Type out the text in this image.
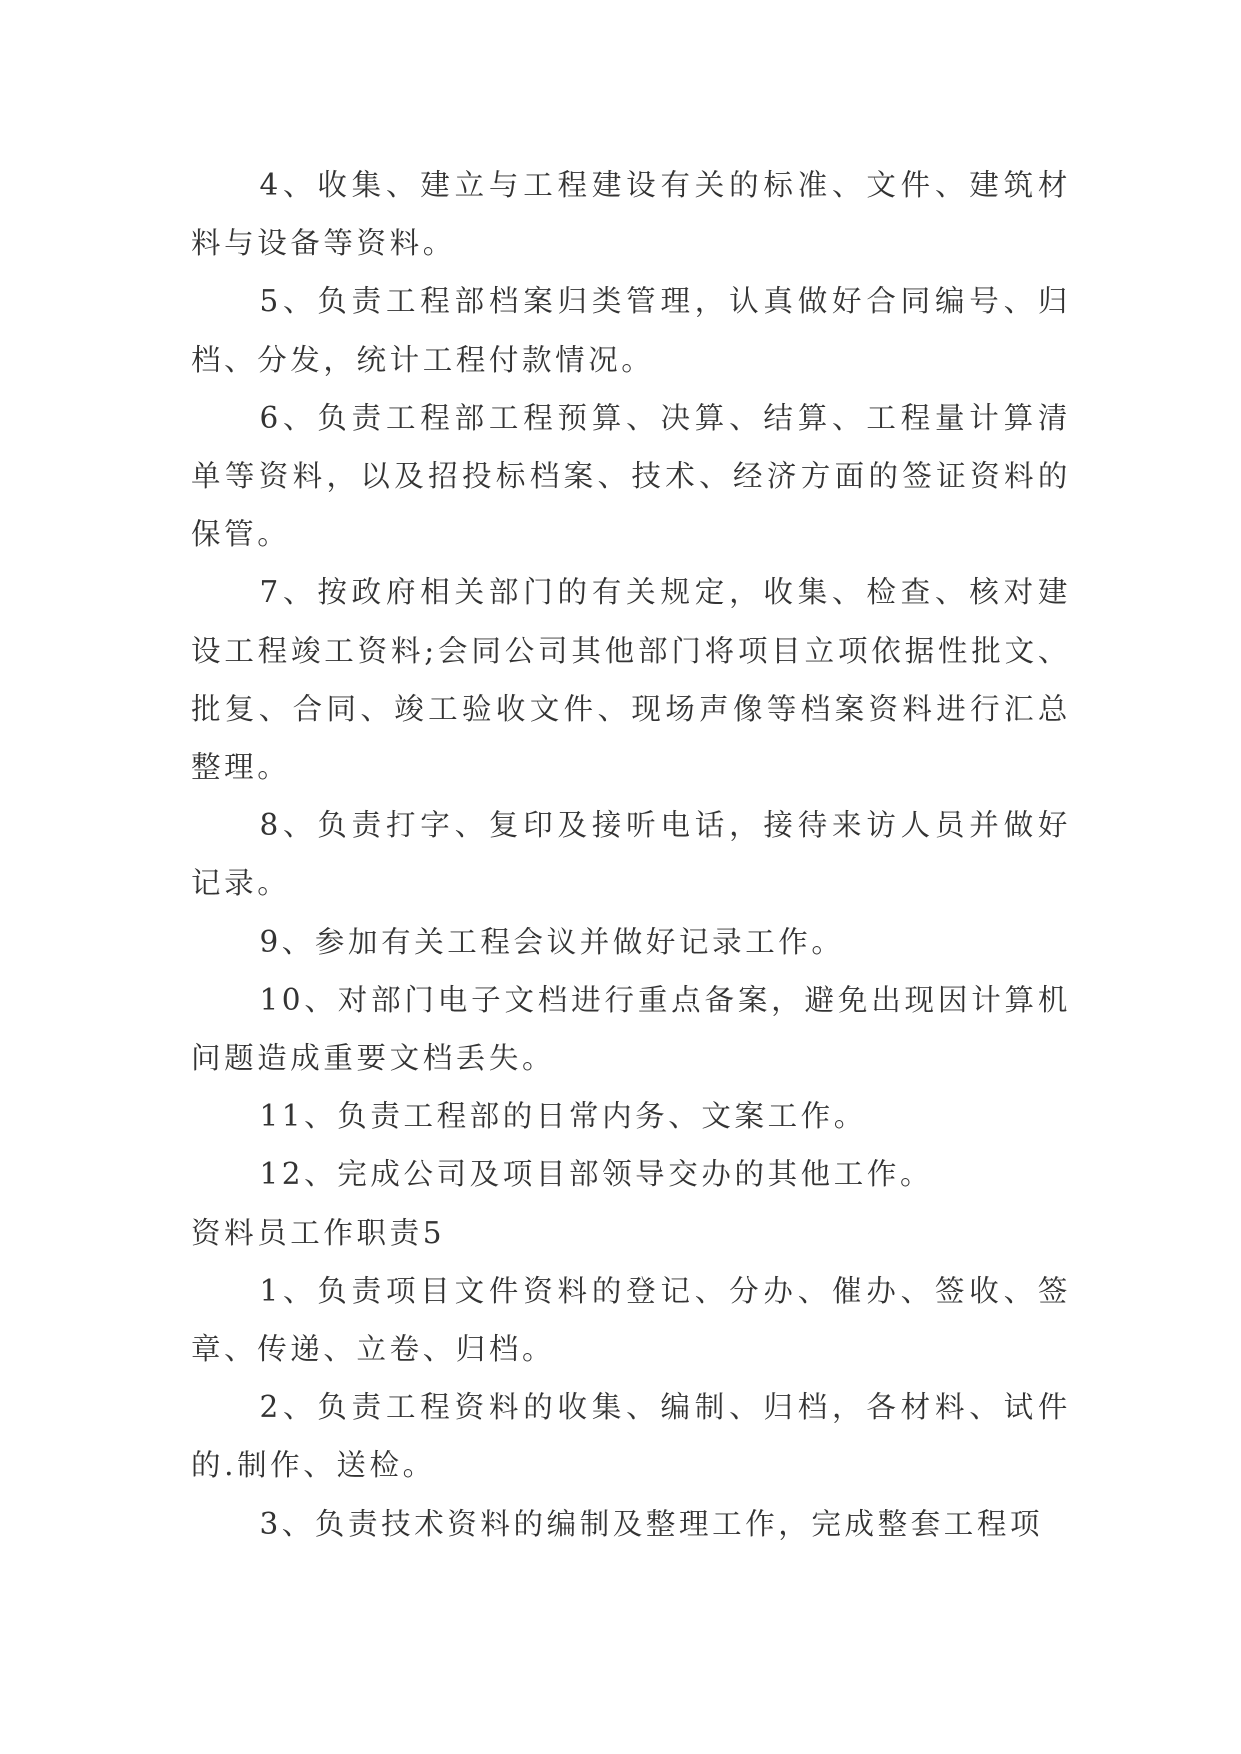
4、收集、建立与工程建设有关的标准、文件、建筑材料与设备等资料。

5、负责工程部档案归类管理，认真做好合同编号、归档、分发，统计工程付款情况。

6、负责工程部工程预算、决算、结算、工程量计算清单等资料，以及招投标档案、技术、经济方面的签证资料的保管。

7、按政府相关部门的有关规定，收集、检查、核对建设工程竣工资料;会同公司其他部门将项目立项依据性批文、批复、合同、竣工验收文件、现场声像等档案资料进行汇总整理。

8、负责打字、复印及接听电话，接待来访人员并做好记录。

9、参加有关工程会议并做好记录工作。

10、对部门电子文档进行重点备案，避免出现因计算机问题造成重要文档丢失。

11、负责工程部的日常内务、文案工作。

12、完成公司及项目部领导交办的其他工作。

资料员工作职责5

1、负责项目文件资料的登记、分办、催办、签收、签章、传递、立卷、归档。

2、负责工程资料的收集、编制、归档，各材料、试件的.制作、送检。

3、负责技术资料的编制及整理工作，完成整套工程项
